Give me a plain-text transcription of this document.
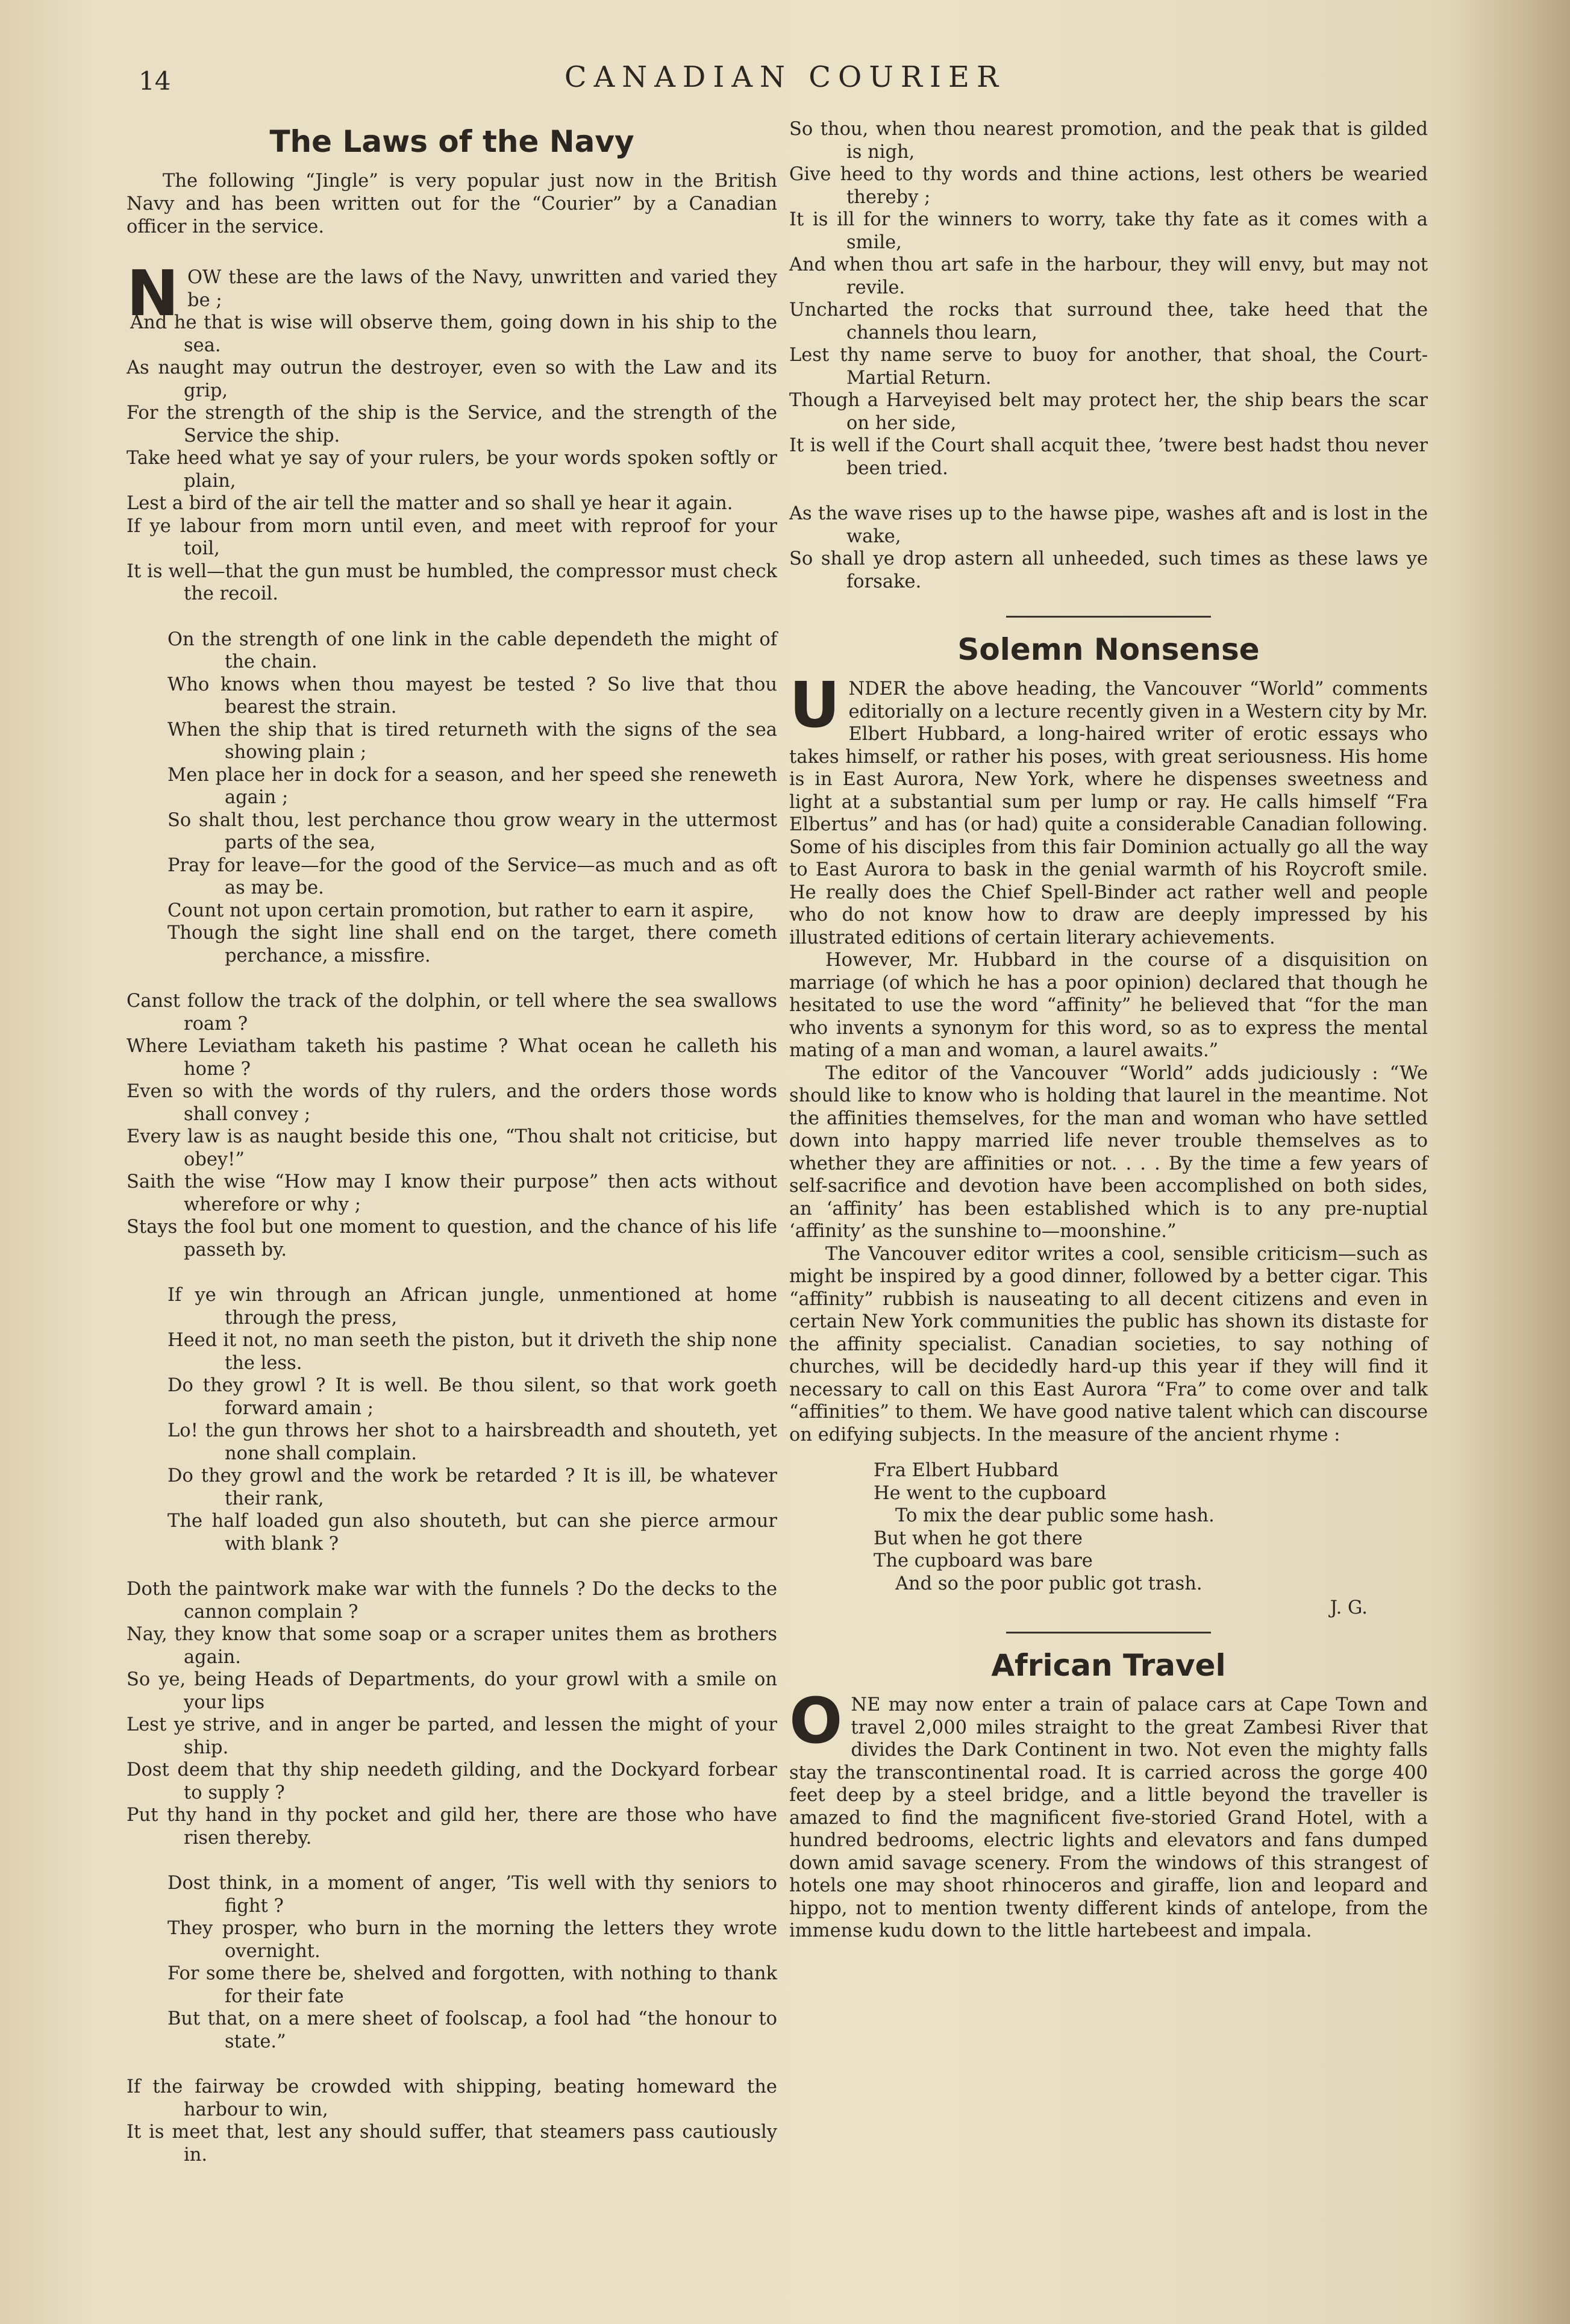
14	CANADIAN COURIER
The Laws of the Navy

The following “Jingle” is very popular just now in the British Navy and has been written out for the “Courier” by a Canadian officer in the service.

N OW these are the laws of the Navy, unwritten and varied they be ;

And he that is wise will observe them, going down in his ship to the sea.

As naught may outrun the destroyer, even so with the Law and its grip,

For the strength of the ship is the Service, and the strength of the Service the ship.

Take heed what ye say of your rulers, be your words spoken softly or plain,

Lest a bird of the air tell the matter and so shall ye hear it again.

If ye labour from morn until even, and meet with reproof for your toil,

It is well—that the gun must be humbled, the compressor must check the recoil.

On the strength of one link in the cable dependeth the might of the chain.

Who knows when thou mayest be tested ? So live that thou bearest the strain.

When the ship that is tired returneth with the signs of the sea showing plain ;

Men place her in dock for a season, and her speed she reneweth again ;

So shalt thou, lest perchance thou grow weary in the uttermost parts of the sea,

Pray for leave—for the good of the Service—as much and as oft as may be.

Count not upon certain promotion, but rather to earn it aspire,

Though the sight line shall end on the target, there cometh perchance, a missfire.

Canst follow the track of the dolphin, or tell where the sea swallows roam ?

Where Leviatham taketh his pastime ? What ocean he calleth his home ?

Even so with the words of thy rulers, and the orders those words shall convey ;

Every law is as naught beside this one, “Thou shalt not criticise, but obey!”

Saith the wise “How may I know their purpose” then acts without wherefore or why ;

Stays the fool but one moment to question, and the chance of his life passeth by.

If ye win through an African jungle, unmentioned at home through the press,

Heed it not, no man seeth the piston, but it driveth the ship none the less.

Do they growl ? It is well. Be thou silent, so that work goeth forward amain ;

Lo! the gun throws her shot to a hairsbreadth and shouteth, yet none shall complain.

Do they growl and the work be retarded ? It is ill, be whatever their rank,

The half loaded gun also shouteth, but can she pierce armour with blank ?

Doth the paintwork make war with the funnels ? Do the decks to the cannon complain ?

Nay, they know that some soap or a scraper unites them as brothers again.

So ye, being Heads of Departments, do your growl with a smile on your lips

Lest ye strive, and in anger be parted, and lessen the might of your ship.

Dost deem that thy ship needeth gilding, and the Dockyard forbear to supply ?

Put thy hand in thy pocket and gild her, there are those who have risen thereby.

Dost think, in a moment of anger, ’Tis well with thy seniors to fight ?

They prosper, who burn in the morning the letters they wrote overnight.

For some there be, shelved and forgotten, with nothing to thank for their fate

But that, on a mere sheet of foolscap, a fool had “the honour to state.”

If the fairway be crowded with shipping, beating homeward the harbour to win,

It is meet that, lest any should suffer, that steamers pass cautiously in.

So thou, when thou nearest promotion, and the peak that is gilded is nigh,

Give heed to thy words and thine actions, lest others be wearied thereby ;

It is ill for the winners to worry, take thy fate as it comes with a smile,

And when thou art safe in the harbour, they will envy, but may not revile.

Uncharted the rocks that surround thee, take heed that the channels thou learn,

Lest thy name serve to buoy for another, that shoal, the Court-Martial Return.

Though a Harveyised belt may protect her, the ship bears the scar on her side,

It is well if the Court shall acquit thee, ’twere best hadst thou never been tried.

As the wave rises up to the hawse pipe, washes aft and is lost in the wake,

So shall ye drop astern all unheeded, such times as these laws ye forsake.

Solemn Nonsense
U NDER the above heading, the Vancouver “World” comments editorially on a lecture recently given in a Western city by Mr. Elbert Hubbard, a long-haired writer of erotic essays who takes himself, or rather his poses, with great seriousness. His home is in East Aurora, New York, where he dispenses sweetness and light at a substantial sum per lump or ray. He calls himself “Fra Elbertus” and has (or had) quite a considerable Canadian following. Some of his disciples from this fair Dominion actually go all the way to East Aurora to bask in the genial warmth of his Roycroft smile. He really does the Chief Spell-Binder act rather well and people who do not know how to draw are deeply impressed by his illustrated editions of certain literary achievements.

However, Mr. Hubbard in the course of a disquisition on marriage (of which he has a poor opinion) declared that though he hesitated to use the word “affinity” he believed that “for the man who invents a synonym for this word, so as to express the mental mating of a man and woman, a laurel awaits.”

The editor of the Vancouver “World” adds judiciously : “We should like to know who is holding that laurel in the meantime. Not the affinities themselves, for the man and woman who have settled down into happy married life never trouble themselves as to whether they are affinities or not. . . . By the time a few years of self-sacrifice and devotion have been accomplished on both sides, an ‘affinity’ has been established which is to any pre-nuptial ‘affinity’ as the sunshine to—moonshine.”

The Vancouver editor writes a cool, sensible criticism—such as might be inspired by a good dinner, followed by a better cigar. This “affinity” rubbish is nauseating to all decent citizens and even in certain New York communities the public has shown its distaste for the affinity specialist. Canadian societies, to say nothing of churches, will be decidedly hard-up this year if they will find it necessary to call on this East Aurora “Fra” to come over and talk “affinities” to them. We have good native talent which can discourse on edifying subjects. In the measure of the ancient rhyme :

Fra Elbert Hubbard

He went to the cupboard

To mix the dear public some hash.

But when he got there

The cupboard was bare

And so the poor public got trash.

J. G.

African Travel
O NE may now enter a train of palace cars at Cape Town and travel 2,000 miles straight to the great Zambesi River that divides the Dark Continent in two. Not even the mighty falls stay the transcontinental road. It is carried across the gorge 400 feet deep by a steel bridge, and a little beyond the traveller is amazed to find the magnificent five-storied Grand Hotel, with a hundred bedrooms, electric lights and elevators and fans dumped down amid savage scenery. From the windows of this strangest of hotels one may shoot rhinoceros and giraffe, lion and leopard and hippo, not to mention twenty different kinds of antelope, from the immense kudu down to the little hartebeest and impala.
